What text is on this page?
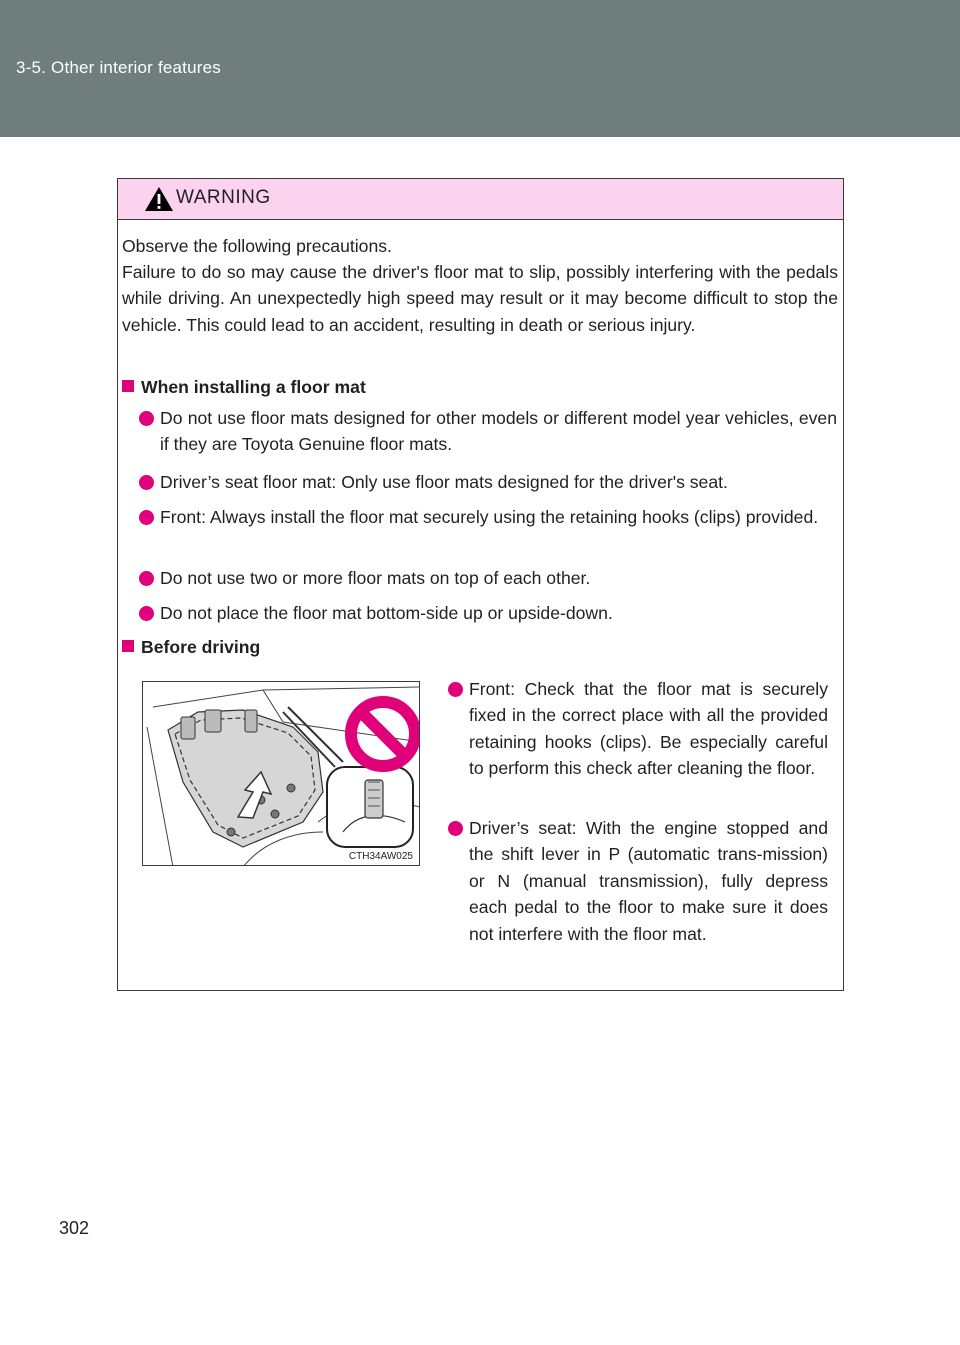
3-5. Other interior features
WARNING
Observe the following precautions.
Failure to do so may cause the driver's floor mat to slip, possibly interfering with the pedals while driving. An unexpectedly high speed may result or it may become difficult to stop the vehicle. This could lead to an accident, resulting in death or serious injury.
When installing a floor mat
Do not use floor mats designed for other models or different model year vehicles, even if they are Toyota Genuine floor mats.
Driver’s seat floor mat: Only use floor mats designed for the driver's seat.
Front: Always install the floor mat securely using the retaining hooks (clips) provided.
Do not use two or more floor mats on top of each other.
Do not place the floor mat bottom-side up or upside-down.
Before driving
CTH34AW025
Front: Check that the floor mat is securely fixed in the correct place with all the provided retaining hooks (clips). Be especially careful to perform this check after cleaning the floor.
Driver’s seat: With the engine stopped and the shift lever in P (automatic trans-mission) or N (manual transmission), fully depress each pedal to the floor to make sure it does not interfere with the floor mat.
302
